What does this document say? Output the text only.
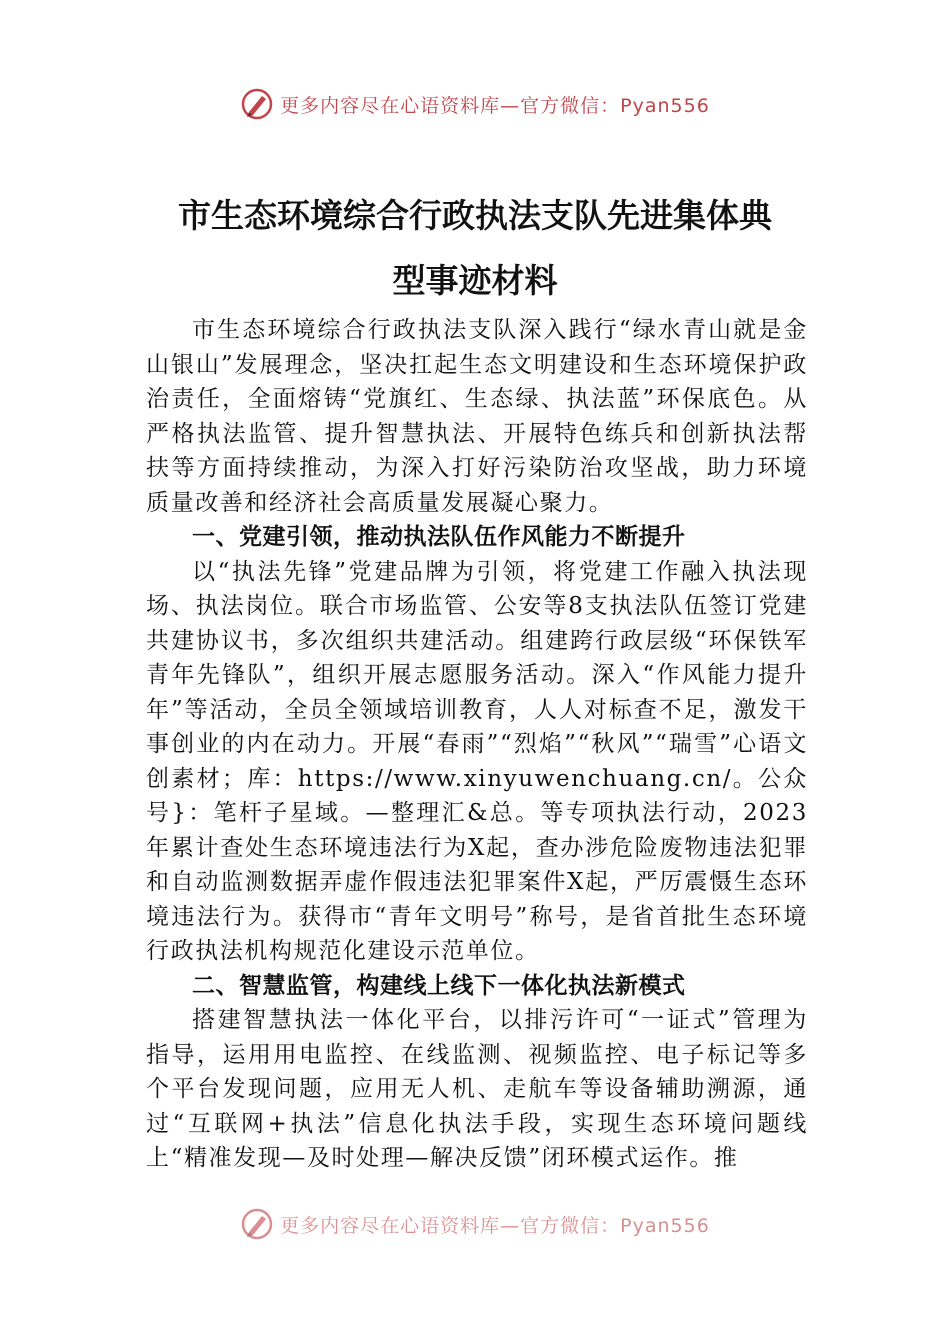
更多内容尽在心语资料库—官方微信：Pyan556
市生态环境综合行政执法支队先进集体典
型事迹材料

市生态环境综合行政执法支队深入践行“绿水青山就是金山银山”发展理念，坚决扛起生态文明建设和生态环境保护政治责任，全面熔铸“党旗红、生态绿、执法蓝”环保底色。从严格执法监管、提升智慧执法、开展特色练兵和创新执法帮扶等方面持续推动，为深入打好污染防治攻坚战，助力环境质量改善和经济社会高质量发展凝心聚力。

一、党建引领，推动执法队伍作风能力不断提升

以“执法先锋”党建品牌为引领，将党建工作融入执法现场、执法岗位。联合市场监管、公安等8支执法队伍签订党建共建协议书，多次组织共建活动。组建跨行政层级“环保铁军青年先锋队”，组织开展志愿服务活动。深入“作风能力提升年”等活动，全员全领域培训教育，人人对标查不足，激发干事创业的内在动力。开展“春雨”“烈焰”“秋风”“瑞雪”心语文创素材；库：https://www.xinyuwenchuang.cn/。公众号}：笔杆子星域。—整理汇&总。等专项执法行动，2023年累计查处生态环境违法行为X起，查办涉危险废物违法犯罪和自动监测数据弄虚作假违法犯罪案件X起，严厉震慑生态环境违法行为。获得市“青年文明号”称号，是省首批生态环境行政执法机构规范化建设示范单位。

二、智慧监管，构建线上线下一体化执法新模式

搭建智慧执法一体化平台，以排污许可“一证式”管理为指导，运用用电监控、在线监测、视频监控、电子标记等多个平台发现问题，应用无人机、走航车等设备辅助溯源，通过“互联网+执法”信息化执法手段，实现生态环境问题线上“精准发现—及时处理—解决反馈”闭环模式运作。推

更多内容尽在心语资料库—官方微信：Pyan556
